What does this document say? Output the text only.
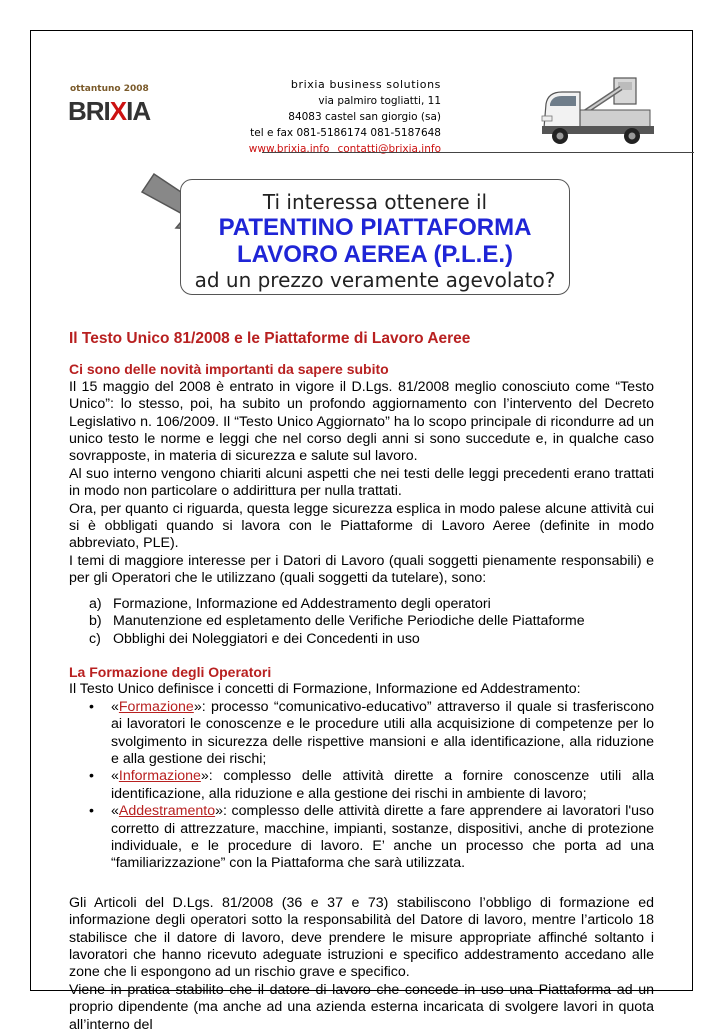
ottantuno 2008
BRIXIA
brixia business solutions
via palmiro togliatti, 11
84083 castel san giorgio (sa)
tel e fax 081-5186174 081-5187648
www.brixia.info contatti@brixia.info
Ti interessa ottenere il
PATENTINO PIATTAFORMA
LAVORO AEREA (P.L.E.)
ad un prezzo veramente agevolato?
Il Testo Unico 81/2008 e le Piattaforme di Lavoro Aeree
Ci sono delle novità importanti da sapere subito

Il 15 maggio del 2008 è entrato in vigore il D.Lgs. 81/2008 meglio conosciuto come “Testo Unico”: lo stesso, poi, ha subito un profondo aggiornamento con l’intervento del Decreto Legislativo n. 106/2009. Il “Testo Unico Aggiornato” ha lo scopo principale di ricondurre ad un unico testo le norme e leggi che nel corso degli anni si sono succedute e, in qualche caso sovrapposte, in materia di sicurezza e salute sul lavoro.

Al suo interno vengono chiariti alcuni aspetti che nei testi delle leggi precedenti erano trattati in modo non particolare o addirittura per nulla trattati.

Ora, per quanto ci riguarda, questa legge sicurezza esplica in modo palese alcune attività cui si è obbligati quando si lavora con le Piattaforme di Lavoro Aeree (definite in modo abbreviato, PLE).

I temi di maggiore interesse per i Datori di Lavoro (quali soggetti pienamente responsabili) e per gli Operatori che le utilizzano (quali soggetti da tutelare), sono:

a) Formazione, Informazione ed Addestramento degli operatori
b) Manutenzione ed espletamento delle Verifiche Periodiche delle Piattaforme
c) Obblighi dei Noleggiatori e dei Concedenti in uso
La Formazione degli Operatori

Il Testo Unico definisce i concetti di Formazione, Informazione ed Addestramento:

• «Formazione»: processo “comunicativo-educativo” attraverso il quale si trasferiscono ai lavoratori le conoscenze e le procedure utili alla acquisizione di competenze per lo svolgimento in sicurezza delle rispettive mansioni e alla identificazione, alla riduzione e alla gestione dei rischi;
• «Informazione»: complesso delle attività dirette a fornire conoscenze utili alla identificazione, alla riduzione e alla gestione dei rischi in ambiente di lavoro;
• «Addestramento»: complesso delle attività dirette a fare apprendere ai lavoratori l'uso corretto di attrezzature, macchine, impianti, sostanze, dispositivi, anche di protezione individuale, e le procedure di lavoro. E’ anche un processo che porta ad una “familiarizzazione” con la Piattaforma che sarà utilizzata.

Gli Articoli del D.Lgs. 81/2008 (36 e 37 e 73) stabiliscono l’obbligo di formazione ed informazione degli operatori sotto la responsabilità del Datore di lavoro, mentre l’articolo 18 stabilisce che il datore di lavoro, deve prendere le misure appropriate affinché soltanto i lavoratori che hanno ricevuto adeguate istruzioni e specifico addestramento accedano alle zone che li espongono ad un rischio grave e specifico.

Viene in pratica stabilito che il datore di lavoro che concede in uso una Piattaforma ad un proprio dipendente (ma anche ad una azienda esterna incaricata di svolgere lavori in quota all’interno del
